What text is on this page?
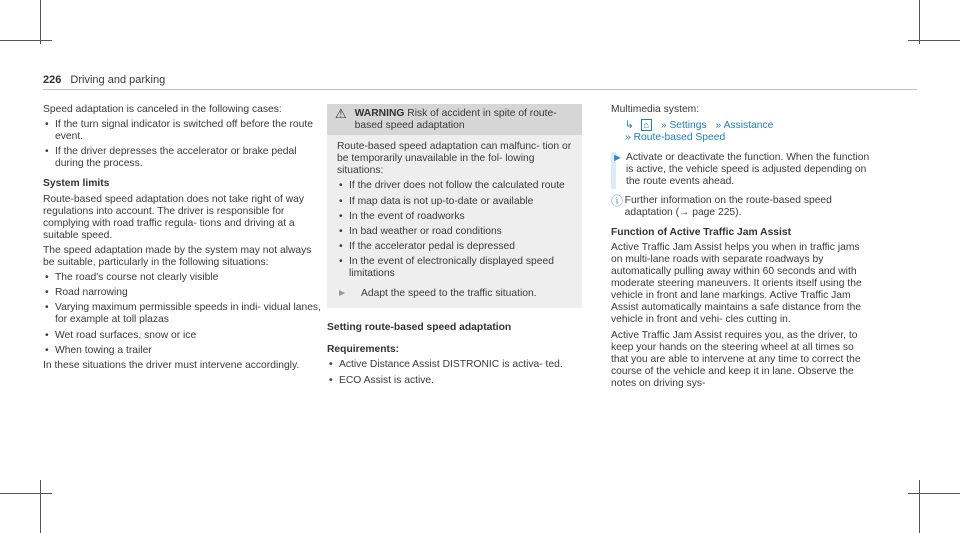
226 Driving and parking

Speed adaptation is canceled in the following cases:

• If the turn signal indicator is switched off before the route event.
• If the driver depresses the accelerator or brake pedal during the process.

System limits

Route-based speed adaptation does not take right of way regulations into account. The driver is responsible for complying with road traffic regula- tions and driving at a suitable speed.

The speed adaptation made by the system may not always be suitable, particularly in the following situations:

• The road's course not clearly visible
• Road narrowing
• Varying maximum permissible speeds in indi- vidual lanes, for example at toll plazas
• Wet road surfaces, snow or ice
• When towing a trailer

In these situations the driver must intervene accordingly.

⚠ WARNING Risk of accident in spite of route-based speed adaptation

Route-based speed adaptation can malfunc- tion or be temporarily unavailable in the fol- lowing situations:

• If the driver does not follow the calculated route
• If map data is not up-to-date or available
• In the event of roadworks
• In bad weather or road conditions
• If the accelerator pedal is depressed
• In the event of electronically displayed speed limitations
►	Adapt the speed to the traffic situation.

Setting route-based speed adaptation

Requirements:

• Active Distance Assist DISTRONIC is activa- ted.
• ECO Assist is active.

Multimedia system:

↳ ⌂ » Settings » Assistance
» Route-based Speed
► Activate or deactivate the function. When the function is active, the vehicle speed is adjusted depending on the route events ahead.
ⓘ Further information on the route-based speed adaptation (→ page 225).

Function of Active Traffic Jam Assist

Active Traffic Jam Assist helps you when in traffic jams on multi-lane roads with separate roadways by automatically pulling away within 60 seconds and with moderate steering maneuvers. It orients itself using the vehicle in front and lane markings. Active Traffic Jam Assist automatically maintains a safe distance from the vehicle in front and vehi- cles cutting in.

Active Traffic Jam Assist requires you, as the driver, to keep your hands on the steering wheel at all times so that you are able to intervene at any time to correct the course of the vehicle and keep it in lane. Observe the notes on driving sys-
